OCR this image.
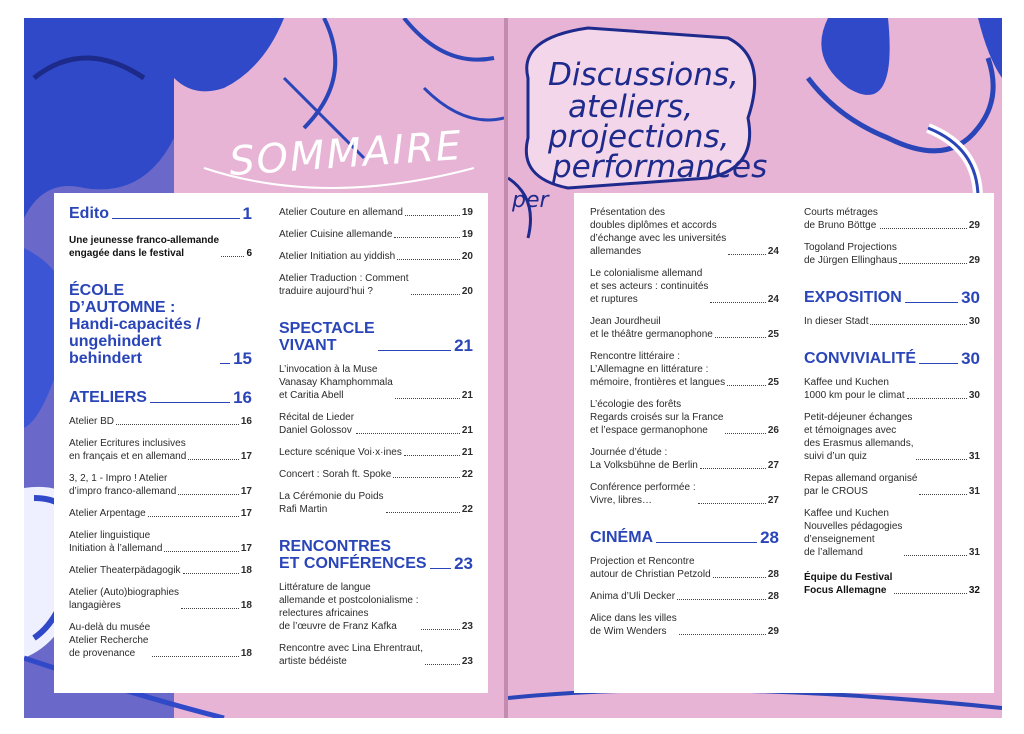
SOMMAIRE
Edito	1
Une jeunesse franco-allemande
engagée dans le festival	6
ÉCOLE D’AUTOMNE :
Handi-capacités /
ungehindert
behindert	15
ATELIERS	16
Atelier BD	16
Atelier Ecritures inclusives
en français et en allemand	17
3, 2, 1 - Impro ! Atelier
d’impro franco-allemand	17
Atelier Arpentage	17
Atelier linguistique
Initiation à l’allemand	17
Atelier Theaterpädagogik	18
Atelier (Auto)biographies
langagières	18
Au-delà du musée
Atelier Recherche
de provenance	18
Atelier Couture en allemand	19
Atelier Cuisine allemande	19
Atelier Initiation au yiddish	20
Atelier Traduction : Comment
traduire aujourd’hui ?	20
SPECTACLE
VIVANT	21
L’invocation à la Muse
Vanasay Khamphommala
et Caritia Abell	21
Récital de Lieder
Daniel Golossov	21
Lecture scénique Voi·x·ines	21
Concert : Sorah ft. Spoke	22
La Cérémonie du Poids
Rafi Martin	22
RENCONTRES
ET CONFÉRENCES 23
Littérature de langue
allemande et postcolonialisme :
relectures africaines
de l’œuvre de Franz Kafka	23
Rencontre avec Lina Ehrentraut,
artiste bédéiste	23
Discussions,
ateliers,
projections,
performances
per	Présentation des
doubles diplômes et accords
d’échange avec les universités
allemandes	24
Le colonialisme allemand
et ses acteurs : continuités
et ruptures	24
Jean Jourdheuil
et le théâtre germanophone	25
Rencontre littéraire :
L’Allemagne en littérature :
mémoire, frontières et langues	25
L’écologie des forêts
Regards croisés sur la France
et l’espace germanophone	26
Journée d’étude :
La Volksbühne de Berlin	27
Conférence performée :
Vivre, libres…	27
CINÉMA	28
Projection et Rencontre
autour de Christian Petzold	28
Anima d’Uli Decker	28
Alice dans les villes
de Wim Wenders	29
Courts métrages
de Bruno Böttge	29
Togoland Projections
de Jürgen Ellinghaus	29
EXPOSITION	30
In dieser Stadt	30
CONVIVIALITÉ	30
Kaffee und Kuchen
1000 km pour le climat	30
Petit-déjeuner échanges
et témoignages avec
des Erasmus allemands,
suivi d’un quiz	31
Repas allemand organisé
par le CROUS	31
Kaffee und Kuchen
Nouvelles pédagogies
d’enseignement
de l’allemand	31
Équipe du Festival
Focus Allemagne	32
